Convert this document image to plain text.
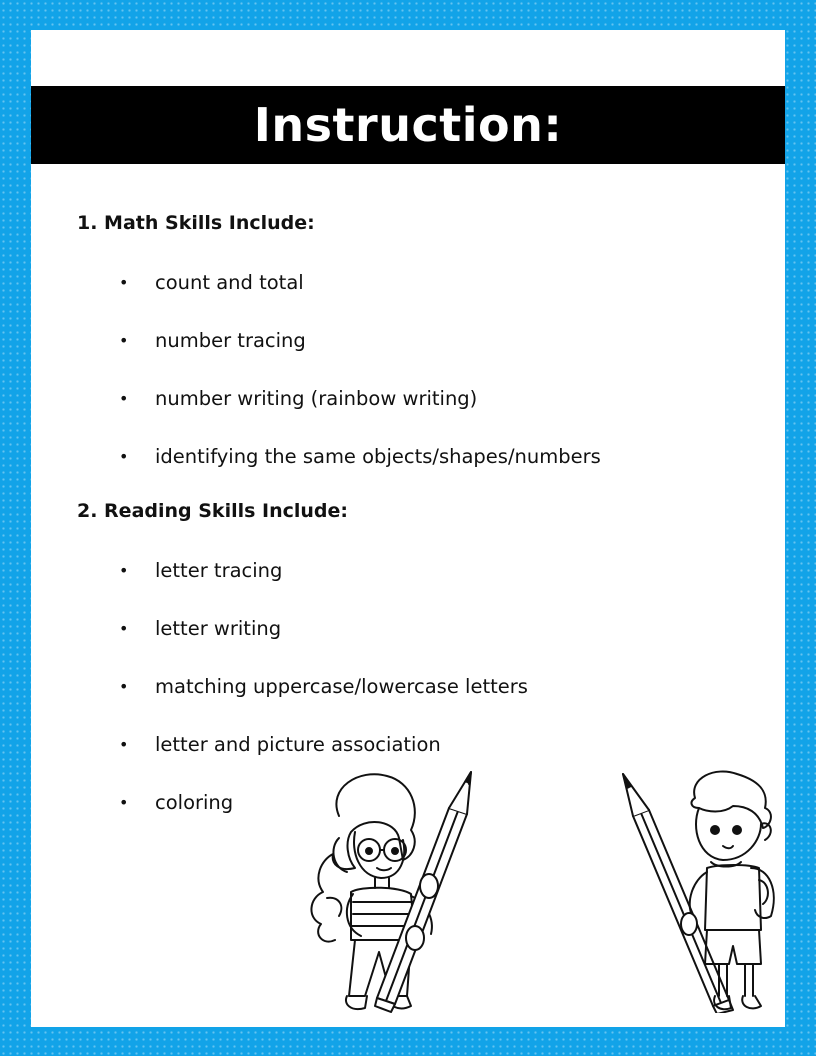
Instruction:
1. Math Skills Include:
•	count and total
•	number tracing
•	number writing (rainbow writing)
•	identifying the same objects/shapes/numbers
2. Reading Skills Include:
•	letter tracing
•	letter writing
•	matching uppercase/lowercase letters
•	letter and picture association
•	coloring
